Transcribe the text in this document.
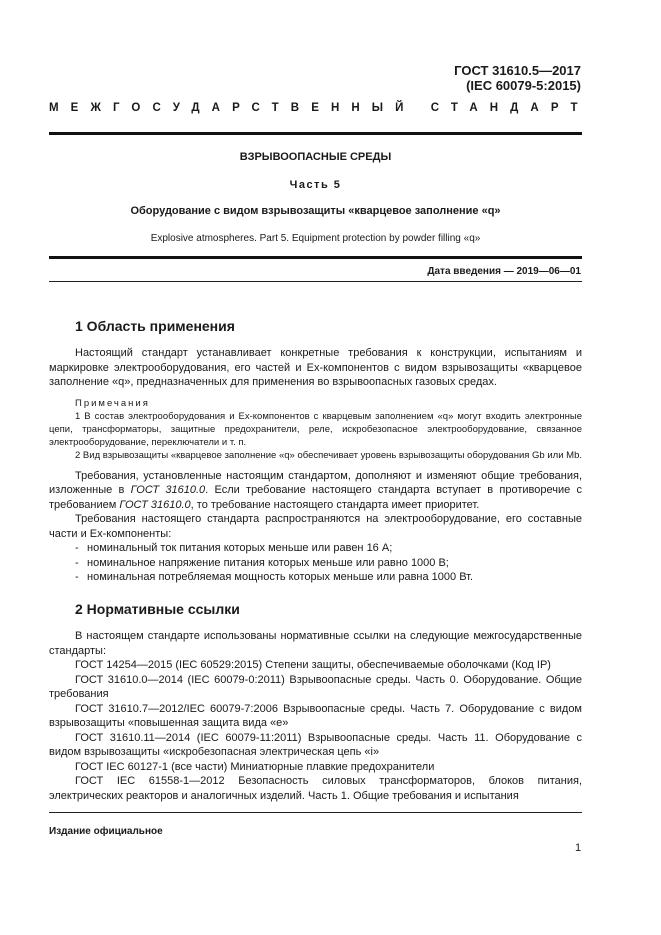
ГОСТ 31610.5—2017
(IEC 60079-5:2015)
МЕЖГОСУДАРСТВЕННЫЙ СТАНДАРТ
ВЗРЫВООПАСНЫЕ СРЕДЫ
Часть 5
Оборудование с видом взрывозащиты «кварцевое заполнение «q»
Explosive atmospheres. Part 5. Equipment protection by powder filling «q»
Дата введения — 2019—06—01
1 Область применения

Настоящий стандарт устанавливает конкретные требования к конструкции, испытаниям и маркировке электрооборудования, его частей и Ex-компонентов с видом взрывозащиты «кварцевое заполнение «q», предназначенных для применения во взрывоопасных газовых средах.

Примечания

1 В состав электрооборудования и Ex-компонентов с кварцевым заполнением «q» могут входить электронные цепи, трансформаторы, защитные предохранители, реле, искробезопасное электрооборудование, связанное электрооборудование, переключатели и т. п.

2 Вид взрывозащиты «кварцевое заполнение «q» обеспечивает уровень взрывозащиты оборудования Gb или Mb.

Требования, установленные настоящим стандартом, дополняют и изменяют общие требования, изложенные в ГОСТ 31610.0. Если требование настоящего стандарта вступает в противоречие с требованием ГОСТ 31610.0, то требование настоящего стандарта имеет приоритет.

Требования настоящего стандарта распространяются на электрооборудование, его составные части и Ex-компоненты:

- номинальный ток питания которых меньше или равен 16 А;

- номинальное напряжение питания которых меньше или равно 1000 В;

- номинальная потребляемая мощность которых меньше или равна 1000 Вт.

2 Нормативные ссылки

В настоящем стандарте использованы нормативные ссылки на следующие межгосударственные стандарты:

ГОСТ 14254—2015 (IEC 60529:2015) Степени защиты, обеспечиваемые оболочками (Код IP)

ГОСТ 31610.0—2014 (IEC 60079-0:2011) Взрывоопасные среды. Часть 0. Оборудование. Общие требования

ГОСТ 31610.7—2012/IEC 60079-7:2006 Взрывоопасные среды. Часть 7. Оборудование с видом взрывозащиты «повышенная защита вида «е»

ГОСТ 31610.11—2014 (IEC 60079-11:2011) Взрывоопасные среды. Часть 11. Оборудование с видом взрывозащиты «искробезопасная электрическая цепь «i»

ГОСТ IEC 60127-1 (все части) Миниатюрные плавкие предохранители

ГОСТ IEC 61558-1—2012 Безопасность силовых трансформаторов, блоков питания, электрических реакторов и аналогичных изделий. Часть 1. Общие требования и испытания

Издание официальное
1
